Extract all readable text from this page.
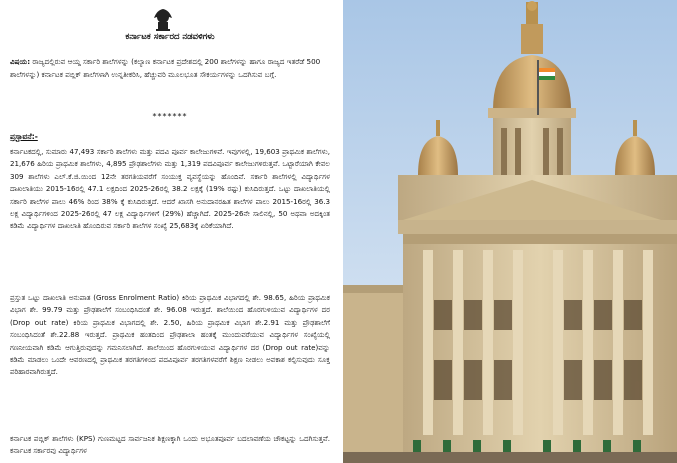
ಕರ್ನಾಟಕ ಸರ್ಕಾರದ ನಡವಳಿಗಳು
ವಿಷಯ: ರಾಜ್ಯದಲ್ಲಿರುವ ಆಯ್ದ ಸರ್ಕಾರಿ ಶಾಲೆಗಳನ್ನು (ಕಲ್ಯಾಣ ಕರ್ನಾಟಕ ಪ್ರದೇಶದಲ್ಲಿ 200 ಶಾಲೆಗಳನ್ನು ಹಾಗೂ ರಾಜ್ಯದ ಇತರೆಡೆ 500 ಶಾಲೆಗಳನ್ನು) ಕರ್ನಾಟಕ ಪಬ್ಲಿಕ್ ಶಾಲೆಗಳಾಗಿ ಉನ್ನತೀಕರಿಸಿ, ಹೆಚ್ಚುವರಿ ಮೂಲಭೂತ ಸೌಕರ್ಯಗಳನ್ನು ಒದಗಿಸುವ ಬಗ್ಗೆ.
*******
ಪ್ರಸ್ತಾವನೆ:-
ಕರ್ನಾಟಕದಲ್ಲಿ, ಸುಮಾರು 47,493 ಸರ್ಕಾರಿ ಶಾಲೆಗಳು ಮತ್ತು ಪದವಿ ಪೂರ್ವ ಕಾಲೇಜುಗಳಿವೆ. ಇವುಗಳಲ್ಲಿ, 19,603 ಪ್ರಾಥಮಿಕ ಶಾಲೆಗಳು, 21,676 ಹಿರಿಯ ಪ್ರಾಥಮಿಕ ಶಾಲೆಗಳು, 4,895 ಪ್ರೌಢಶಾಲೆಗಳು ಮತ್ತು 1,319 ಪದವಿಪೂರ್ವ ಕಾಲೇಜುಗಳಿರುತ್ತವೆ. ಒಟ್ಟಾರೆಯಾಗಿ ಕೇವಲ 309 ಶಾಲೆಗಳು ಎಲ್.ಕೆ.ಜಿ.ಯಿಂದ 12ನೇ ತರಗತಿಯವರೆಗೆ ಸಂಯುಕ್ತ ವ್ಯವಸ್ಥೆಯನ್ನು ಹೊಂದಿವೆ. ಸರ್ಕಾರಿ ಶಾಲೆಗಳಲ್ಲಿ ವಿದ್ಯಾರ್ಥಿಗಳ ದಾಖಲಾತಿಯು 2015-16ರಲ್ಲಿ 47.1 ಲಕ್ಷದಿಂದ 2025-26ರಲ್ಲಿ 38.2 ಲಕ್ಷಕ್ಕೆ (19% ರಷ್ಟು) ಕುಸಿದಿರುತ್ತದೆ. ಒಟ್ಟು ದಾಖಲಾತಿಯಲ್ಲಿ ಸರ್ಕಾರಿ ಶಾಲೆಗಳ ಪಾಲು 46% ರಿಂದ 38% ಕ್ಕೆ ಕುಸಿದಿರುತ್ತದೆ. ಆದರೆ ಖಾಸಗಿ ಅನುದಾನರಹಿತ ಶಾಲೆಗಳ ಪಾಲು 2015-16ರಲ್ಲಿ 36.3 ಲಕ್ಷ ವಿದ್ಯಾರ್ಥಿಗಳಿಂದ 2025-26ರಲ್ಲಿ 47 ಲಕ್ಷ ವಿದ್ಯಾರ್ಥಿಗಳಿಗೆ (29%) ಹೆಚ್ಚಾಗಿದೆ. 2025-26ನೇ ಸಾಲಿನಲ್ಲಿ, 50 ಅಥವಾ ಅದಕ್ಕಿಂತ ಕಡಿಮೆ ವಿದ್ಯಾರ್ಥಿಗಳ ದಾಖಲಾತಿ ಹೊಂದಿರುವ ಸರ್ಕಾರಿ ಶಾಲೆಗಳ ಸಂಖ್ಯೆ 25,683ಕ್ಕೆ ಏರಿಕೆಯಾಗಿದೆ.
ಪ್ರಸ್ತುತ ಒಟ್ಟು ದಾಖಲಾತಿ ಅನುಪಾತ (Gross Enrolment Ratio) ಕಿರಿಯ ಪ್ರಾಥಮಿಕ ವಿಭಾಗದಲ್ಲಿ ಶೇ. 98.65, ಹಿರಿಯ ಪ್ರಾಥಮಿಕ ವಿಭಾಗ ಶೇ. 99.79 ಮತ್ತು ಪ್ರೌಢಶಾಲೆಗೆ ಸಂಬಂಧಿಸಿದಂತೆ ಶೇ. 96.08 ಇರುತ್ತದೆ. ಶಾಲೆಯಿಂದ ಹೊರಗುಳಿಯುವ ವಿದ್ಯಾರ್ಥಿಗಳ ದರ (Drop out rate) ಕಿರಿಯ ಪ್ರಾಥಮಿಕ ವಿಭಾಗದಲ್ಲಿ ಶೇ. 2.50, ಹಿರಿಯ ಪ್ರಾಥಮಿಕ ವಿಭಾಗ ಶೇ.2.91 ಮತ್ತು ಪ್ರೌಢಶಾಲೆಗೆ ಸಂಬಂಧಿಸಿದಂತೆ ಶೇ.22.88 ಇರುತ್ತದೆ. ಪ್ರಾಥಮಿಕ ಹಂತದಿಂದ ಪ್ರೌಢಶಾಲಾ ಹಂತಕ್ಕೆ ಮುಂದುವರೆಯುವ ವಿದ್ಯಾರ್ಥಿಗಳ ಸಂಖ್ಯೆಯಲ್ಲಿ ಗಣನೀಯವಾಗಿ ಕಡಿಮೆ ಆಗುತ್ತಿರುವುದನ್ನು ಗಮನಿಸಲಾಗಿದೆ. ಶಾಲೆಯಿಂದ ಹೊರಗುಳಿಯುವ ವಿದ್ಯಾರ್ಥಿಗಳ ದರ (Drop out rate)ವನ್ನು ಕಡಿಮೆ ಮಾಡಲು ಒಂದೇ ಆವರಣದಲ್ಲಿ ಪ್ರಾಥಮಿಕ ತರಗತಿಗಳಿಂದ ಪದವಿಪೂರ್ವ ತರಗತಿಗಳವರೆಗೆ ಶಿಕ್ಷಣ ನೀಡಲು ಅವಕಾಶ ಕಲ್ಪಿಸುವುದು ಸೂಕ್ತ ಪರಿಹಾರವಾಗಿರುತ್ತದೆ.
ಕರ್ನಾಟಕ ಪಬ್ಲಿಕ್ ಶಾಲೆಗಳು (KPS) ಗುಣಮಟ್ಟದ ಸಾರ್ವಜನಿಕ ಶಿಕ್ಷಣಕ್ಕಾಗಿ ಒಂದು ಅಭೂತಪೂರ್ವ ಬದಲಾವಣೆಯ ಚೌಕಟ್ಟನ್ನು ಒದಗಿಸುತ್ತವೆ. ಕರ್ನಾಟಕ ಸರ್ಕಾರವು ವಿದ್ಯಾರ್ಥಿಗಳ
